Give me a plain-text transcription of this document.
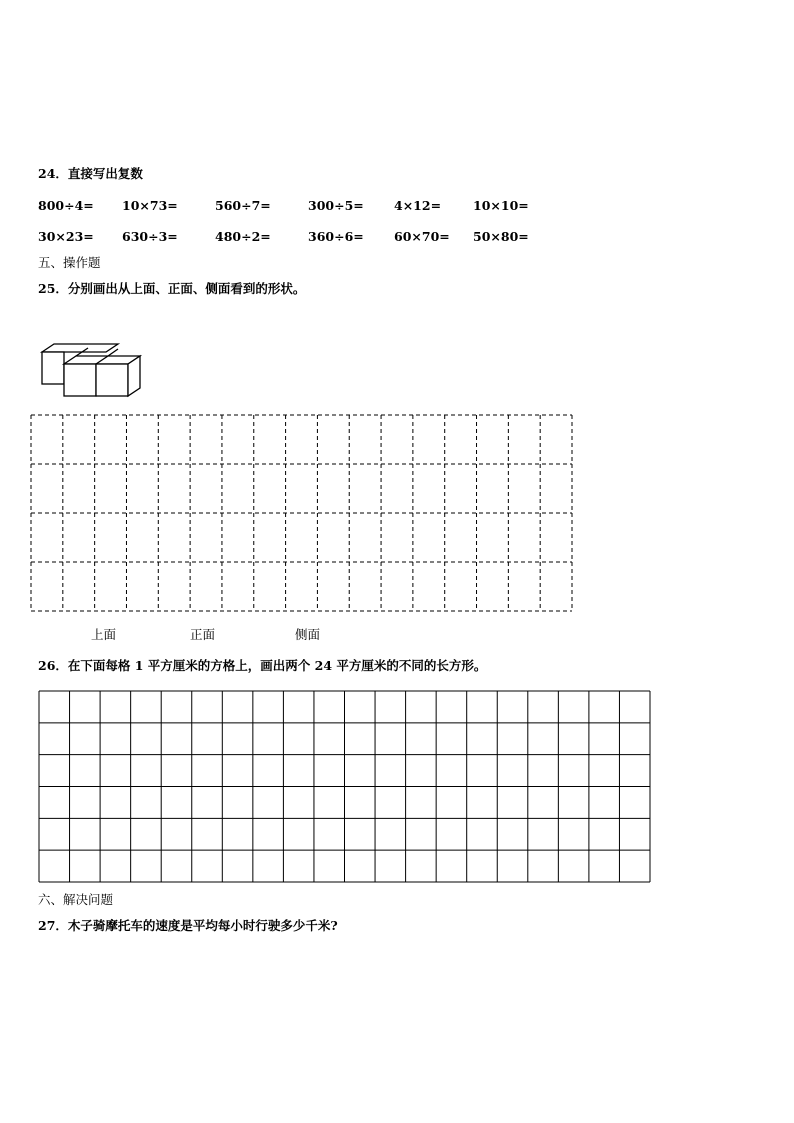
24．直接写出复数
800÷4= 10×73=	560÷7=	300÷5= 4×12=	10×10=
30×23= 630÷3=	480÷2=	360÷6= 60×70= 50×80=
五、操作题
25．分别画出从上面、正面、侧面看到的形状。
上面	正面	侧面
26．在下面每格 1 平方厘米的方格上，画出两个 24 平方厘米的不同的长方形。
六、解决问题
27．木子骑摩托车的速度是平均每小时行驶多少千米?
